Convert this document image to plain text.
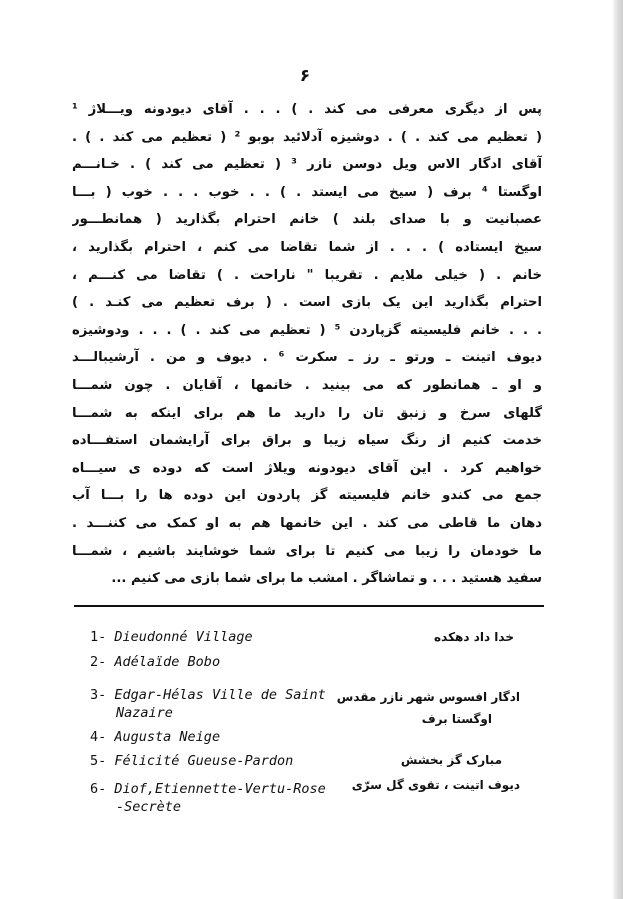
۶
پس از دیگری معرفی می کند . ) . . . آقای دیودونه ویـــلاژ ¹
( تعظیم می کند . ) . دوشیزه آدلائید بوبو ² ( تعظیم می کند . ) .
آقای ادگار الاس ویل دوسن نازر ³ ( تعظیم می کند ) . خـانـــم
اوگستا ⁴ برف ( سیخ می ایستد . ) . . خوب . . . خوب ( بـــا
عصبانیت و با صدای بلند ) خانم احترام بگذارید ( همانطـــور
سیخ ایستاده ) . . . از شما تقاضا می کنم ، احترام بگذارید ،
خانم . ( خیلی ملایم . تقریبا " ناراحت . ) تقاضا می کنـــم ،
احترام بگذارید این یک بازی است . ( برف تعظیم می کنـد . )
. . . خانم فلیسیته گزپاردن ⁵ ( تعظیم می کند . ) . . . ودوشیزه
دیوف اتینت ـ ورتو ـ رز ـ سکرت ⁶ . دیوف و من . آرشیبالـــد
و او ـ همانطور که می بینید . خانمها ، آقایان . چون شمـــا
گلهای سرخ و زنبق تان را دارید ما هم برای اینکه به شمـــا
خدمت کنیم از رنگ سیاه زیبا و براق برای آرایشمان استفـــاده
خواهیم کرد . این آقای دیودونه ویلاژ است که دوده ی سیـــاه
جمع می کندو خانم فلیسیته گز پاردون این دوده ها را بـــا آب
دهان ما قاطی می کند . این خانمها هم به او کمک می کننـــد .
ما خودمان را زیبا می کنیم تا برای شما خوشایند باشیم ، شمـــا
سفید هستید . . . و تماشاگر . امشب ما برای شما بازی می کنیم ...
1- Dieudonné Village	خدا داد دهکده
2- Adélaïde Bobo
3- Edgar-Hélas Ville de Saint
Nazaire
ادگار افسوس شهر نازر مقدس
اوگستا برف
4- Augusta Neige
5- Félicité Gueuse-Pardon	مبارک گز بخشش
6- Diof,Etiennette-Vertu-Rose
-Secrète
دیوف اتینت ، تقوی گل سرّی
